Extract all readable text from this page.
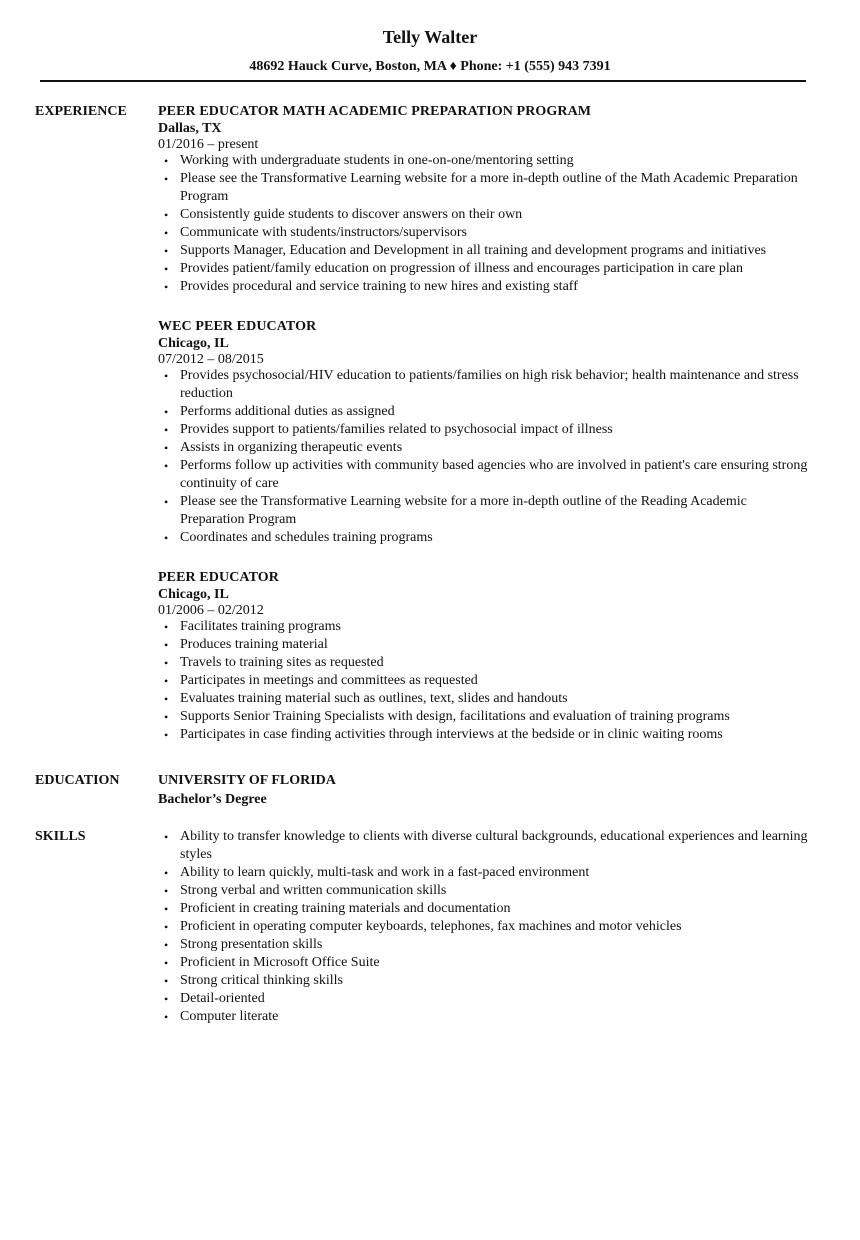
Telly Walter
48692 Hauck Curve, Boston, MA ♦ Phone: +1 (555) 943 7391
EXPERIENCE	PEER EDUCATOR MATH ACADEMIC PREPARATION PROGRAM
Dallas, TX
01/2016 – present
• Working with undergraduate students in one-on-one/mentoring setting
• Please see the Transformative Learning website for a more in-depth outline of the Math Academic Preparation Program
• Consistently guide students to discover answers on their own
• Communicate with students/instructors/supervisors
• Supports Manager, Education and Development in all training and development programs and initiatives
• Provides patient/family education on progression of illness and encourages participation in care plan
• Provides procedural and service training to new hires and existing staff
WEC PEER EDUCATOR
Chicago, IL
07/2012 – 08/2015
• Provides psychosocial/HIV education to patients/families on high risk behavior; health maintenance and stress reduction
• Performs additional duties as assigned
• Provides support to patients/families related to psychosocial impact of illness
• Assists in organizing therapeutic events
• Performs follow up activities with community based agencies who are involved in patient's care ensuring strong continuity of care
• Please see the Transformative Learning website for a more in-depth outline of the Reading Academic Preparation Program
• Coordinates and schedules training programs
PEER EDUCATOR
Chicago, IL
01/2006 – 02/2012
• Facilitates training programs
• Produces training material
• Travels to training sites as requested
• Participates in meetings and committees as requested
• Evaluates training material such as outlines, text, slides and handouts
• Supports Senior Training Specialists with design, facilitations and evaluation of training programs
• Participates in case finding activities through interviews at the bedside or in clinic waiting rooms
EDUCATION	UNIVERSITY OF FLORIDA
Bachelor’s Degree
SKILLS
•	Ability to transfer knowledge to clients with diverse cultural backgrounds, educational experiences and learning styles
• Ability to learn quickly, multi-task and work in a fast-paced environment
• Strong verbal and written communication skills
• Proficient in creating training materials and documentation
• Proficient in operating computer keyboards, telephones, fax machines and motor vehicles
• Strong presentation skills
• Proficient in Microsoft Office Suite
• Strong critical thinking skills
• Detail-oriented
• Computer literate
